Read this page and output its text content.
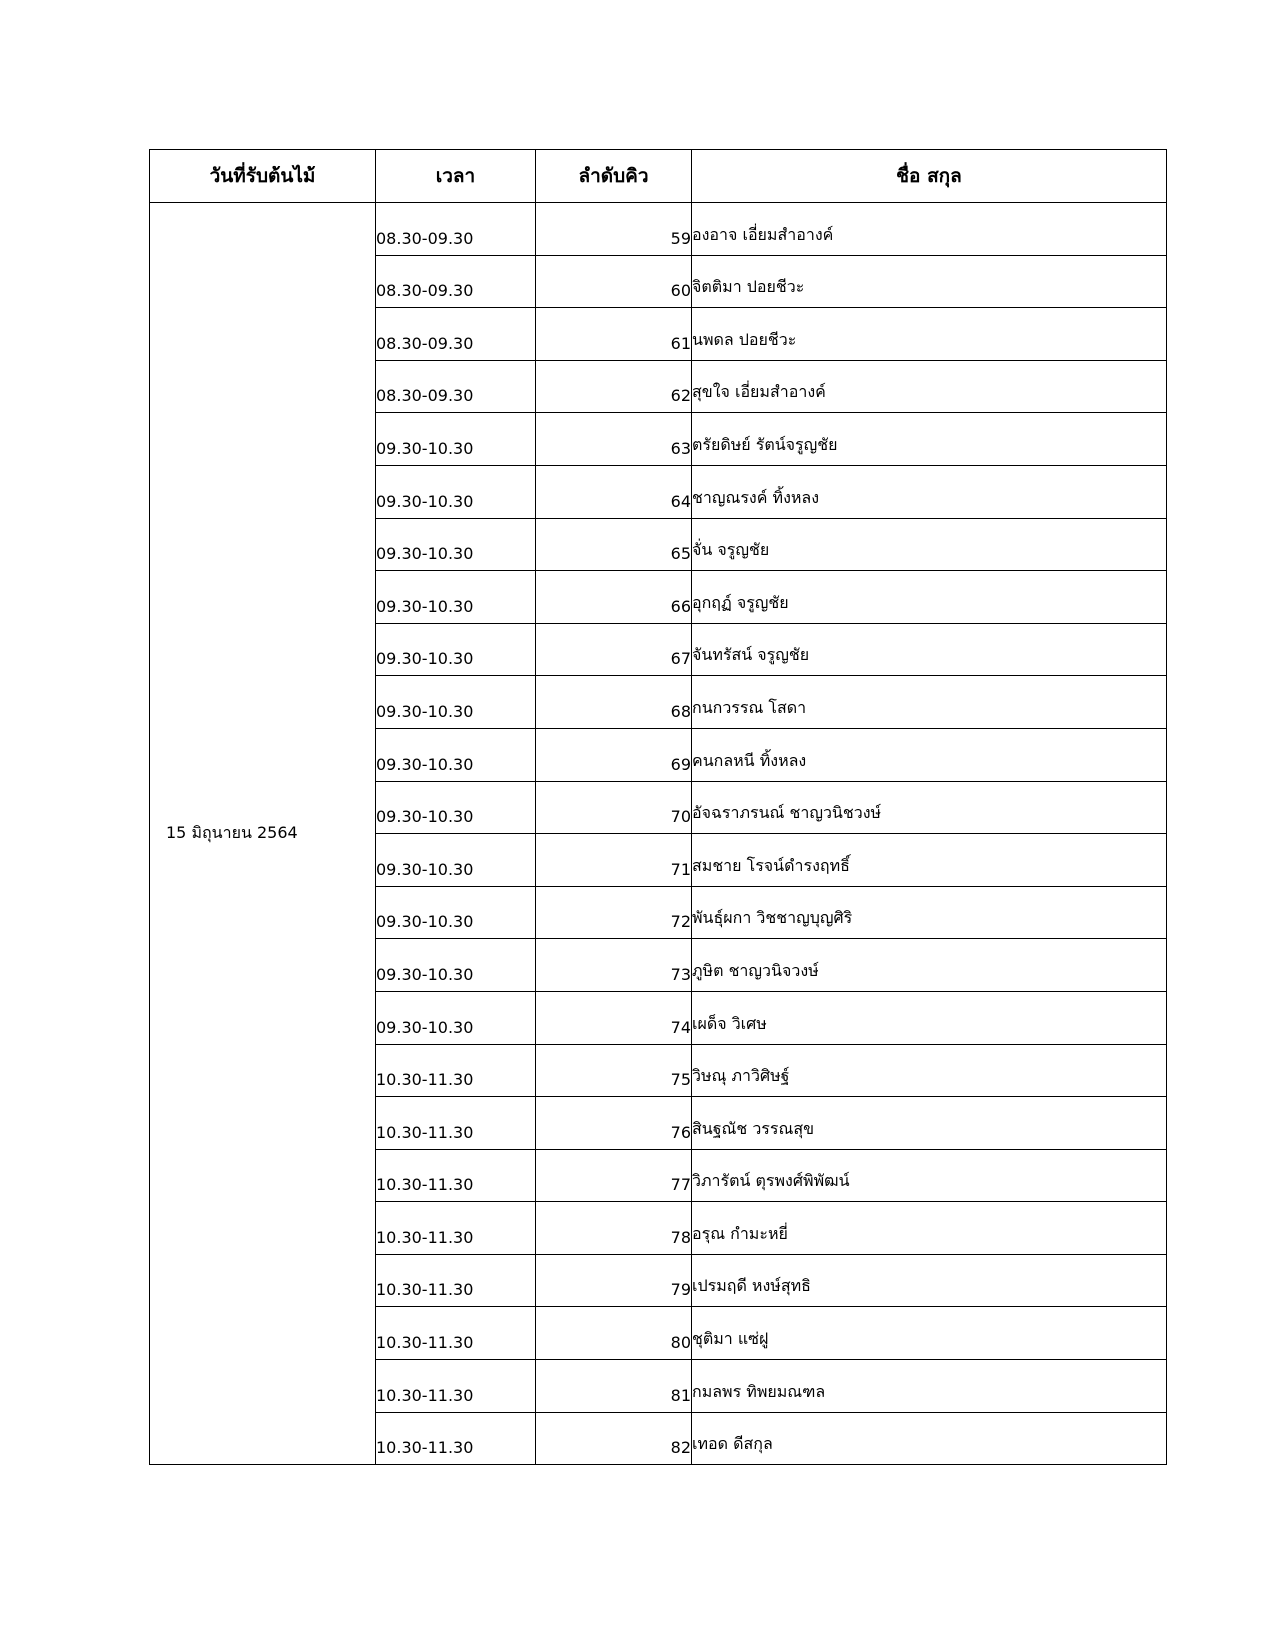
วันที่รับต้นไม้	เวลา	ลำดับคิว	ชื่อ สกุล
15 มิถุนายน 2564	08.30-09.30	59	องอาจ เอี่ยมสำอางค์
	08.30-09.30	60	จิตติมา ปอยชีวะ
	08.30-09.30	61	นพดล ปอยชีวะ
	08.30-09.30	62	สุขใจ เอี่ยมสำอางค์
	09.30-10.30	63	ตรัยดิษย์ รัตน์จรูญชัย
	09.30-10.30	64	ชาญณรงค์ ทิ้งหลง
	09.30-10.30	65	จั่น จรูญชัย
	09.30-10.30	66	อุกฤฏ์ จรูญชัย
	09.30-10.30	67	จันทรัสน์ จรูญชัย
	09.30-10.30	68	กนกวรรณ โสดา
	09.30-10.30	69	คนกลหนี ทิ้งหลง
	09.30-10.30	70	อัจฉราภรนณ์ ชาญวนิชวงษ์
	09.30-10.30	71	สมชาย โรจน์ดำรงฤทธิ์
	09.30-10.30	72	พันธุ์ผกา วิชชาญบุญศิริ
	09.30-10.30	73	ภูษิต ชาญวนิจวงษ์
	09.30-10.30	74	เผด็จ วิเศษ
	10.30-11.30	75	วิษณุ ภาวิศิษฐ์
	10.30-11.30	76	สินฐณัช วรรณสุข
	10.30-11.30	77	วิภารัตน์ ตุรพงศ์พิพัฒน์
	10.30-11.30	78	อรุณ กำมะหยี่
	10.30-11.30	79	เปรมฤดี หงษ์สุทธิ
	10.30-11.30	80	ชุติมา แซ่ฝู
	10.30-11.30	81	กมลพร ทิพยมณฑล
	10.30-11.30	82	เทอด ดีสกุล
